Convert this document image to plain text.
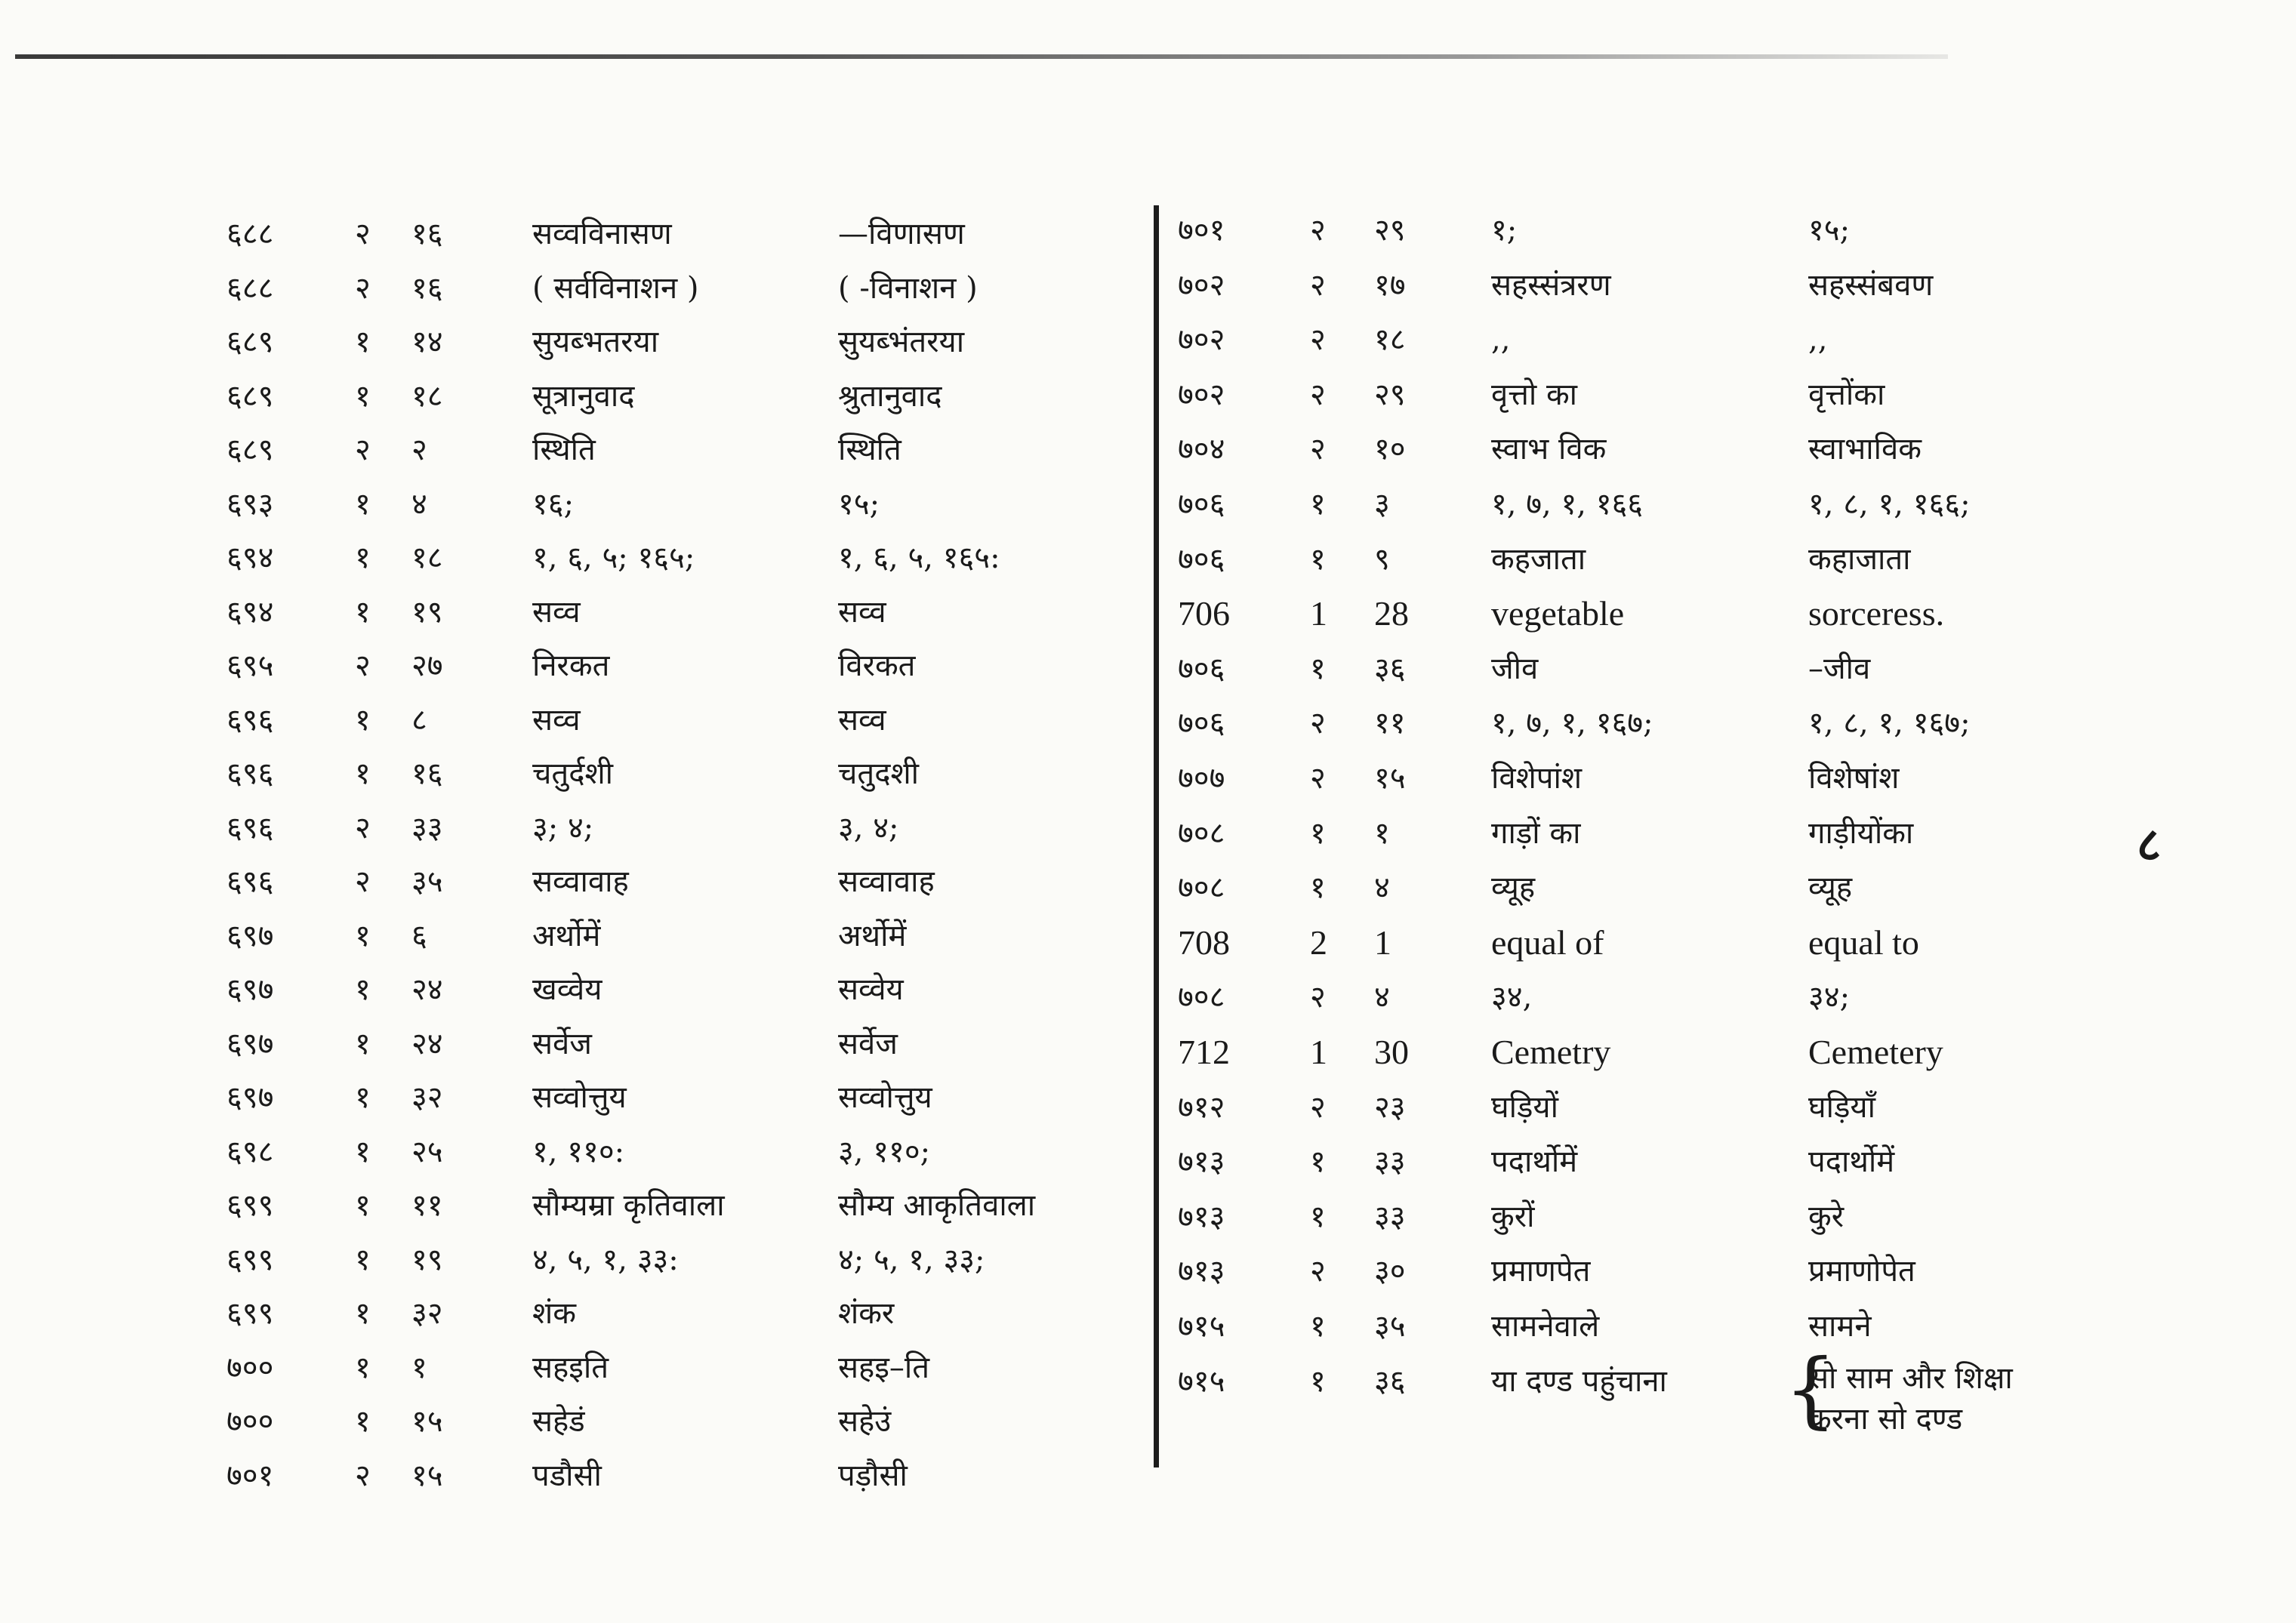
६८८	२ १६	सव्वविनासण	—विणासण
६८८	२ १६	( सर्वविनाशन )	( -विनाशन )
६८९	१ १४	सुयब्भतरया	सुयब्भंतरया
६८९	१ १८	सूत्रानुवाद	श्रुतानुवाद
६८९	२ २	स्थिति	स्थिति
६९३	१ ४	१६;	१५;
६९४	१ १८	१, ६, ५; १६५;	१, ६, ५, १६५:
६९४	१ १९	सव्व	सव्व
६९५	२ २७	निरकत	विरकत
६९६	१ ८	सव्व	सव्व
६९६	१ १६	चतुर्दशी	चतुदशी
६९६	२ ३३	३; ४;	३, ४;
६९६	२ ३५	सव्वावाह	सव्वावाह
६९७	१ ६	अर्थोमें	अर्थोमें
६९७	१ २४	खव्वेय	सव्वेय
६९७	१ २४	सर्वेज	सर्वेज
६९७	१ ३२	सव्वोत्तुय	सव्वोत्तुय
६९८	१ २५	१, ११०:	३, ११०;
६९९	१ ११	सौम्यम्रा कृतिवाला	सौम्य आकृतिवाला
६९९	१ १९	४, ५, १, ३३:	४; ५, १, ३३;
६९९	१ ३२	शंक	शंकर
७००	१ १	सहइति	सहइ–ति
७००	१ १५	सहेडं	सहेउं
७०१	२ १५	पडौसी	पड़ौसी
७०१	२ २९	१;	१५;
७०२	२ १७	सहस्संत्ररण	सहस्संबवण
७०२	२ १८	,,	,,
७०२	२ २९	वृत्तो का	वृत्तोंका
७०४	२ १०	स्वाभ विक	स्वाभाविक
७०६	१ ३	१, ७, १, १६६	१, ८, १, १६६;
७०६	१ ९	कहजाता	कहाजाता
706 1 28 vegetable	sorceress.
७०६	१ ३६	जीव	–जीव
७०६	२ ११	१, ७, १, १६७;	१, ८, १, १६७;
७०७	२ १५	विशेपांश	विशेषांश
७०८	१ १	गाड़ों का	गाड़ीयोंका
७०८	१ ४	व्यूह	व्यूह
708 2 1	equal of	equal to
७०८	२ ४	३४,	३४;
712 1 30 Cemetry	Cemetery
७१२	२ २३	घड़ियों	घड़ियाँ
७१३	१ ३३	पदार्थोमें	पदार्थोमें
७१३	१ ३३	कुरों	कुरे
७१३	२ ३०	प्रमाणपेत	प्रमाणोपेत
७१५	१ ३५	सामनेवाले	सामने
७१५	१ ३६	या दण्ड पहुंचाना {
सो साम और शिक्षा
करना सो दण्ड
८
